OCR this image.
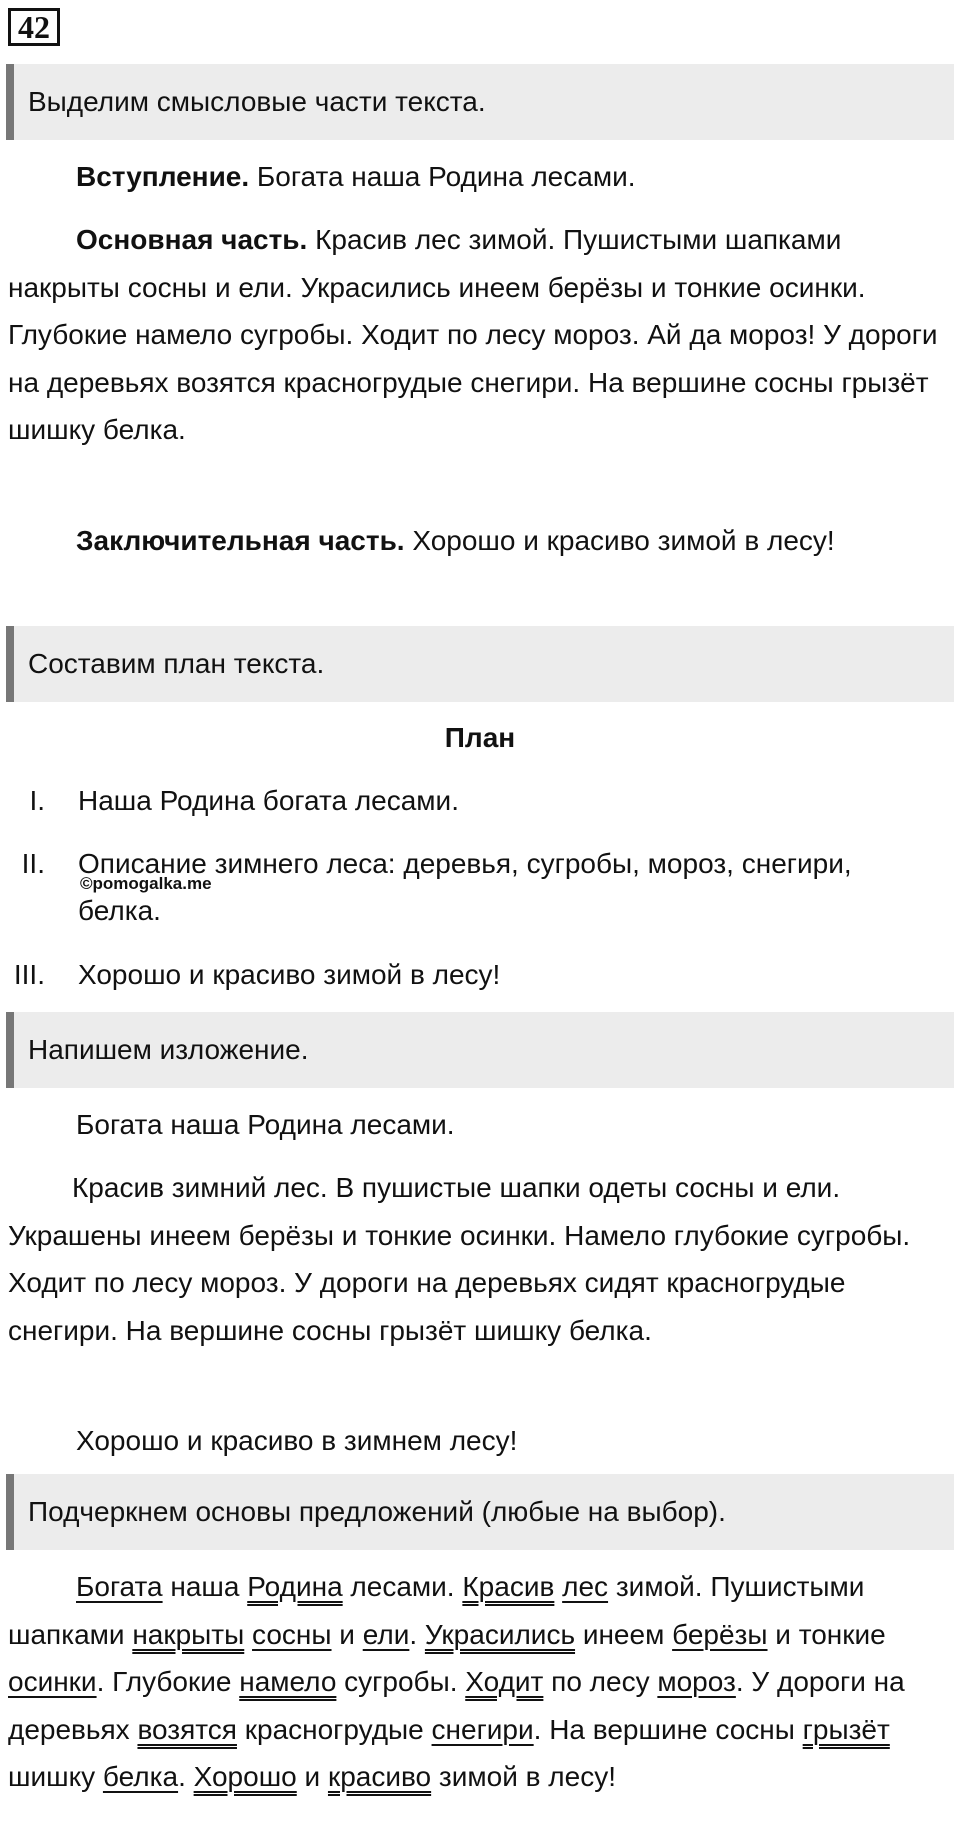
42
Выделим смысловые части текста.

Вступление. Богата наша Родина лесами.

Основная часть. Красив лес зимой. Пушистыми шапками накрыты сосны и ели. Украсились инеем берёзы и тонкие осинки. Глубокие намело сугробы. Ходит по лесу мороз. Ай да мороз! У дороги на деревьях возятся красногрудые снегири. На вершине сосны грызёт шишку белка.

Заключительная часть. Хорошо и красиво зимой в лесу!

Составим план текста.
План
I. Наша Родина богата лесами.
II. Описание зимнего леса: деревья, сугробы, мороз, снегири, белка.
III. Хорошо и красиво зимой в лесу!
©pomogalka.me
Напишем изложение.

Богата наша Родина лесами.

Красив зимний лес. В пушистые шапки одеты сосны и ели. Украшены инеем берёзы и тонкие осинки. Намело глубокие сугробы. Ходит по лесу мороз. У дороги на деревьях сидят красногрудые снегири. На вершине сосны грызёт шишку белка.

Хорошо и красиво в зимнем лесу!

Подчеркнем основы предложений (любые на выбор).

Богата наша Родина лесами. Красив лес зимой. Пушистыми шапками накрыты сосны и ели. Украсились инеем берёзы и тонкие осинки. Глубокие намело сугробы. Ходит по лесу мороз. У дороги на деревьях возятся красногрудые снегири. На вершине сосны грызёт шишку белка. Хорошо и красиво зимой в лесу!
